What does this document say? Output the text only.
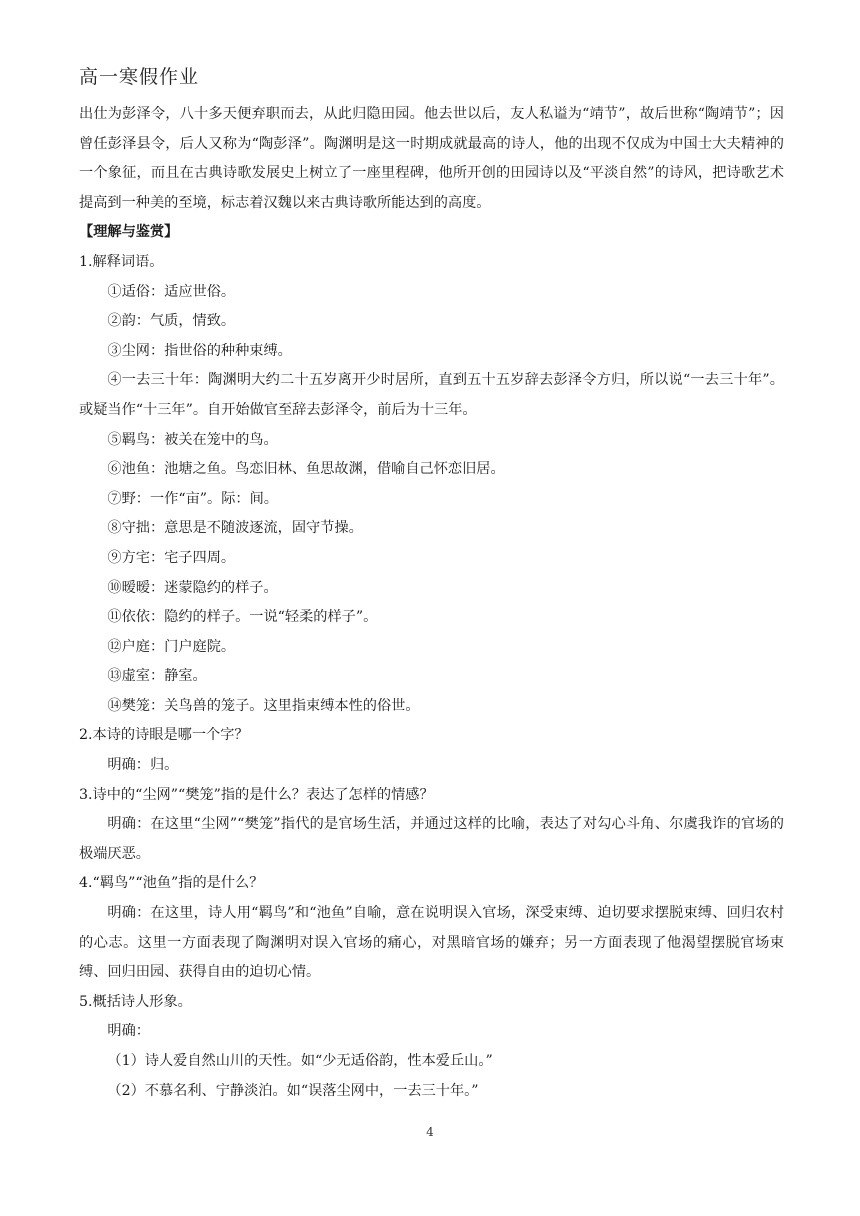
高一寒假作业

出仕为彭泽令，八十多天便弃职而去，从此归隐田园。他去世以后，友人私谥为“靖节”，故后世称“陶靖节”；因曾任彭泽县令，后人又称为“陶彭泽”。陶渊明是这一时期成就最高的诗人，他的出现不仅成为中国士大夫精神的一个象征，而且在古典诗歌发展史上树立了一座里程碑，他所开创的田园诗以及“平淡自然”的诗风，把诗歌艺术提高到一种美的至境，标志着汉魏以来古典诗歌所能达到的高度。

【理解与鉴赏】

1.解释词语。

①适俗：适应世俗。

②韵：气质，情致。

③尘网：指世俗的种种束缚。

④一去三十年：陶渊明大约二十五岁离开少时居所，直到五十五岁辞去彭泽令方归，所以说“一去三十年”。或疑当作“十三年”。自开始做官至辞去彭泽令，前后为十三年。

⑤羁鸟：被关在笼中的鸟。

⑥池鱼：池塘之鱼。鸟恋旧林、鱼思故渊，借喻自己怀恋旧居。

⑦野：一作“亩”。际：间。

⑧守拙：意思是不随波逐流，固守节操。

⑨方宅：宅子四周。

⑩暧暧：迷蒙隐约的样子。

⑪依依：隐约的样子。一说“轻柔的样子”。

⑫户庭：门户庭院。

⑬虚室：静室。

⑭樊笼：关鸟兽的笼子。这里指束缚本性的俗世。

2.本诗的诗眼是哪一个字？

明确：归。

3.诗中的“尘网”“樊笼”指的是什么？表达了怎样的情感？

明确：在这里“尘网”“樊笼”指代的是官场生活，并通过这样的比喻，表达了对勾心斗角、尔虞我诈的官场的极端厌恶。

4.“羁鸟”“池鱼”指的是什么？

明确：在这里，诗人用“羁鸟”和“池鱼”自喻，意在说明误入官场，深受束缚、迫切要求摆脱束缚、回归农村的心志。这里一方面表现了陶渊明对误入官场的痛心，对黑暗官场的嫌弃；另一方面表现了他渴望摆脱官场束缚、回归田园、获得自由的迫切心情。

5.概括诗人形象。

明确：

（1）诗人爱自然山川的天性。如“少无适俗韵，性本爱丘山。”

（2）不慕名利、宁静淡泊。如“误落尘网中，一去三十年。”

4
